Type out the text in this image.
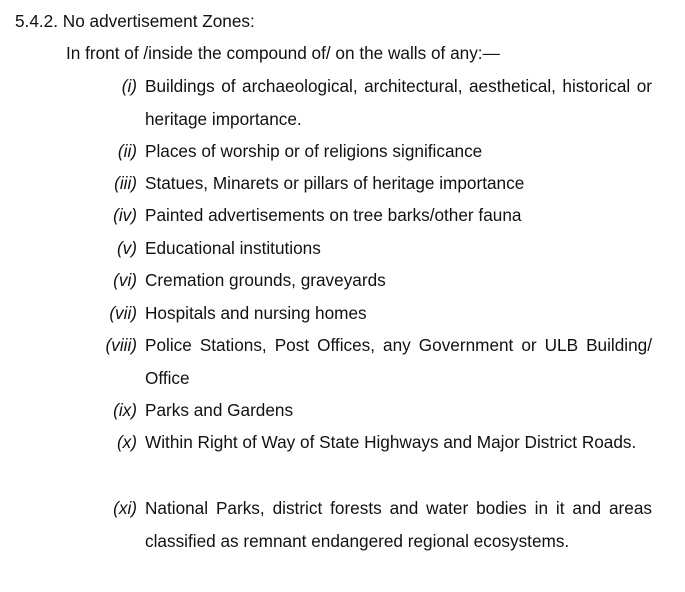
5.4.2. No advertisement Zones:
In front of /inside the compound of/ on the walls of any:—
(i) Buildings of archaeological, architectural, aesthetical, historical or heritage importance.
(ii) Places of worship or of religions significance
(iii) Statues, Minarets or pillars of heritage importance
(iv) Painted advertisements on tree barks/other fauna
(v) Educational institutions
(vi) Cremation grounds, graveyards
(vii) Hospitals and nursing homes
(viii) Police Stations, Post Offices, any Government or ULB Building/ Office
(ix) Parks and Gardens
(x) Within Right of Way of State Highways and Major District Roads.
(xi) National Parks, district forests and water bodies in it and areas classified as remnant endangered regional ecosystems.
